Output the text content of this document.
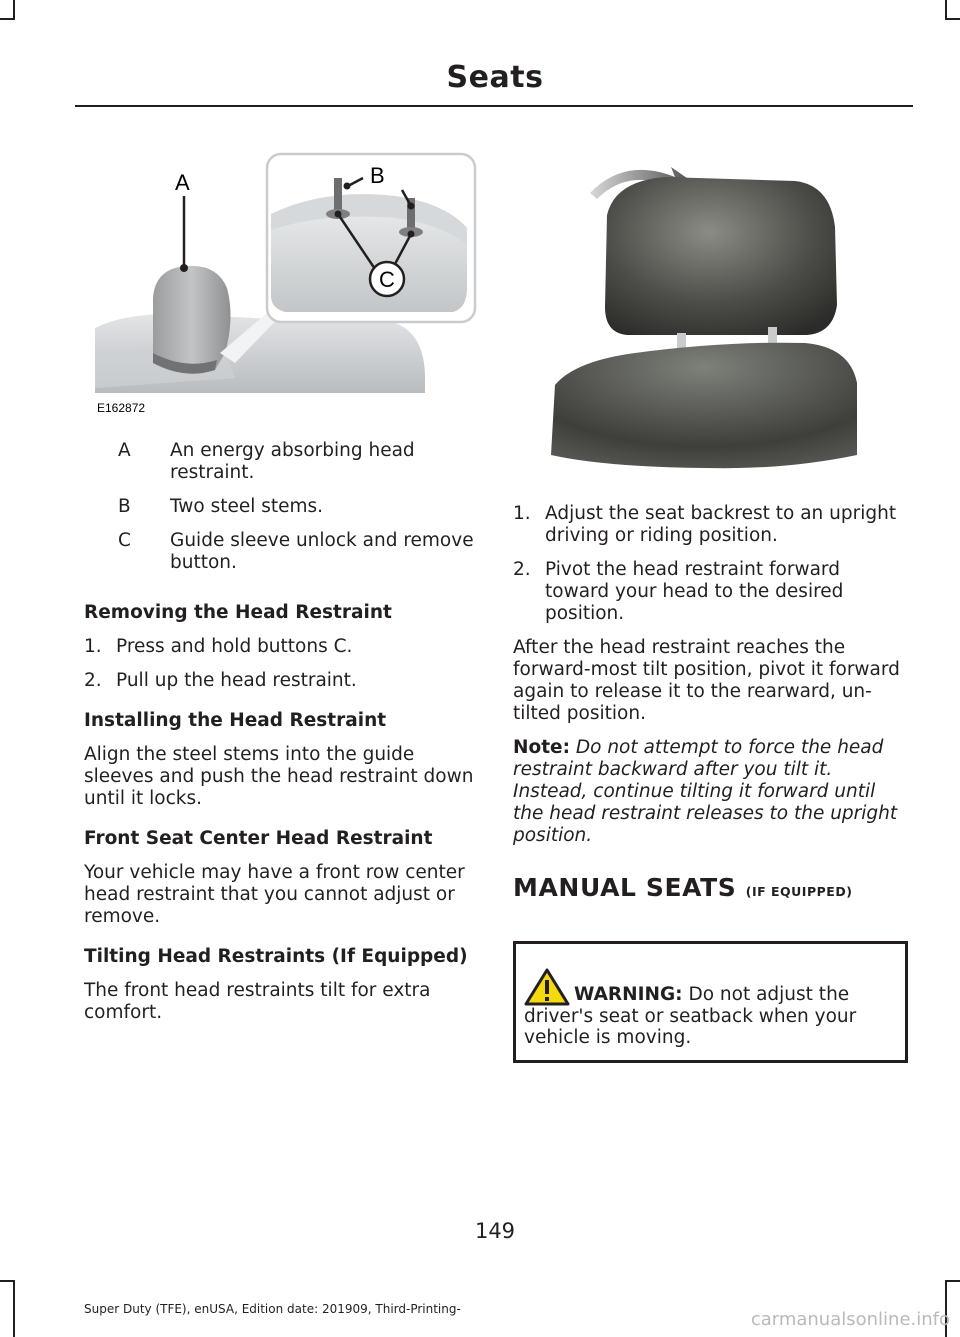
Seats
A	B
C
E162872
A	An energy absorbing head restraint.
B	Two steel stems.
C	Guide sleeve unlock and remove button.
Removing the Head Restraint
1. Press and hold buttons C.
2. Pull up the head restraint.
Installing the Head Restraint

Align the steel stems into the guide sleeves and push the head restraint down until it locks.

Front Seat Center Head Restraint

Your vehicle may have a front row center head restraint that you cannot adjust or remove.

Tilting Head Restraints (If Equipped)

The front head restraints tilt for extra comfort.

1. Adjust the seat backrest to an upright driving or riding position.
2. Pivot the head restraint forward toward your head to the desired position.

After the head restraint reaches the forward-most tilt position, pivot it forward again to release it to the rearward, un-tilted position.

Note: Do not attempt to force the head restraint backward after you tilt it. Instead, continue tilting it forward until the head restraint releases to the upright position.

MANUAL SEATS (IF EQUIPPED)
WARNING: Do not adjust the driver's seat or seatback when your vehicle is moving.
149
Super Duty (TFE), enUSA, Edition date: 201909, Third-Printing-	carmanualsonline.info
